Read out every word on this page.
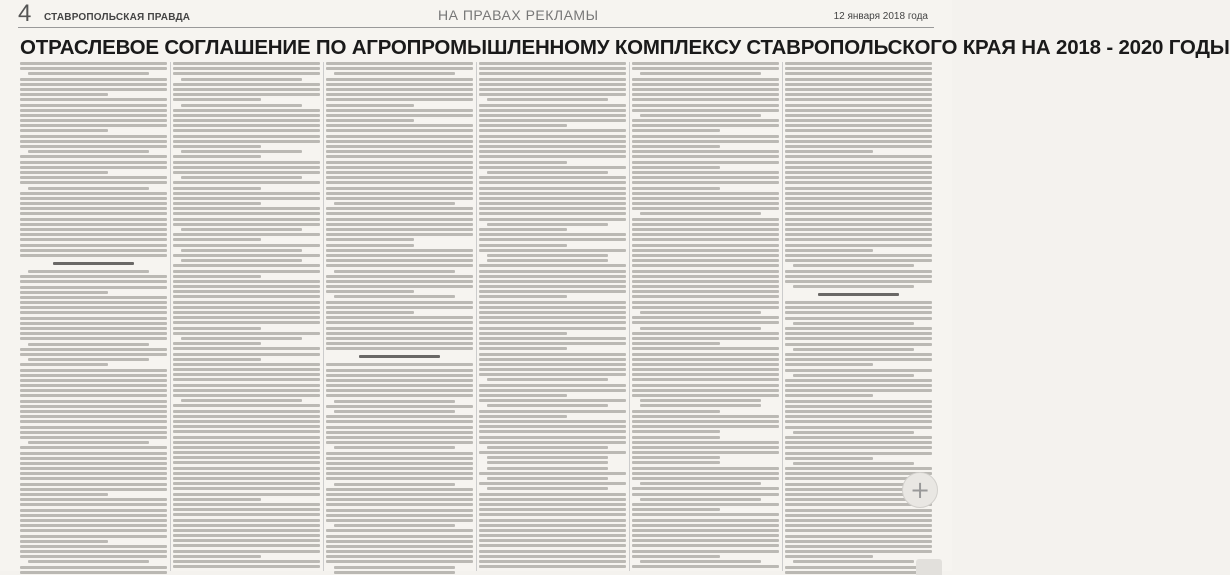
4 СТАВРОПОЛЬСКАЯ ПРАВДА	НА ПРАВАХ РЕКЛАМЫ	12 января 2018 года
ОТРАСЛЕВОЕ СОГЛАШЕНИЕ ПО АГРОПРОМЫШЛЕННОМУ КОМПЛЕКСУ СТАВРОПОЛЬСКОГО КРАЯ НА 2018 - 2020 ГОДЫ
+
